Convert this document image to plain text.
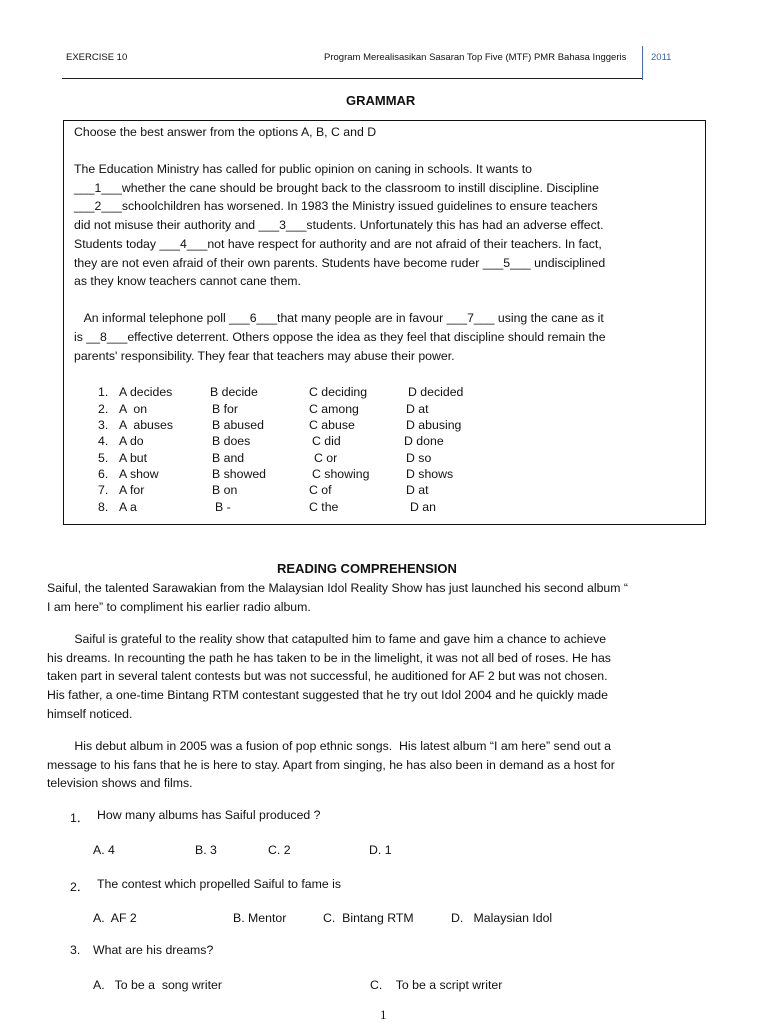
EXERCISE 10	Program Merealisasikan Sasaran Top Five (MTF) PMR Bahasa Inggeris	2011
GRAMMAR
Choose the best answer from the options A, B, C and D
The Education Ministry has called for public opinion on caning in schools. It wants to
___1___whether the cane should be brought back to the classroom to instill discipline. Discipline
___2___schoolchildren has worsened. In 1983 the Ministry issued guidelines to ensure teachers
did not misuse their authority and ___3___students. Unfortunately this has had an adverse effect.
Students today ___4___not have respect for authority and are not afraid of their teachers. In fact,
they are not even afraid of their own parents. Students have become ruder ___5___ undisciplined
as they know teachers cannot cane them.
An informal telephone poll ___6___that many people are in favour ___7___ using the cane as it
is __8___effective deterrent. Others oppose the idea as they feel that discipline should remain the
parents' responsibility. They fear that teachers may abuse their power.
1. A decides	B decide	C deciding	D decided
2. A  on	B for	C among	D at
3. A  abuses	B abused	C abuse	D abusing
4. A do	B does	C did	D done
5. A but	B and	C or	D so
6. A show	B showed	C showing	D shows
7. A for	B on	C of	D at
8. A a	B -	C the	D an
READING COMPREHENSION
Saiful, the talented Sarawakian from the Malaysian Idol Reality Show has just launched his second album “
I am here” to compliment his earlier radio album.
Saiful is grateful to the reality show that catapulted him to fame and gave him a chance to achieve
his dreams. In recounting the path he has taken to be in the limelight, it was not all bed of roses. He has
taken part in several talent contests but was not successful, he auditioned for AF 2 but was not chosen.
His father, a one-time Bintang RTM contestant suggested that he try out Idol 2004 and he quickly made
himself noticed.
His debut album in 2005 was a fusion of pop ethnic songs.  His latest album “I am here” send out a
message to his fans that he is here to stay. Apart from singing, he has also been in demand as a host for
television shows and films.
1． How many albums has Saiful produced ?
A. 4	B. 3	C. 2	D. 1
2． The contest which propelled Saiful to fame is
A.  AF 2	B. Mentor	C.  Bintang RTM	D.   Malaysian Idol
3. What are his dreams?
A.   To be a  song writer	C.    To be a script writer
1
